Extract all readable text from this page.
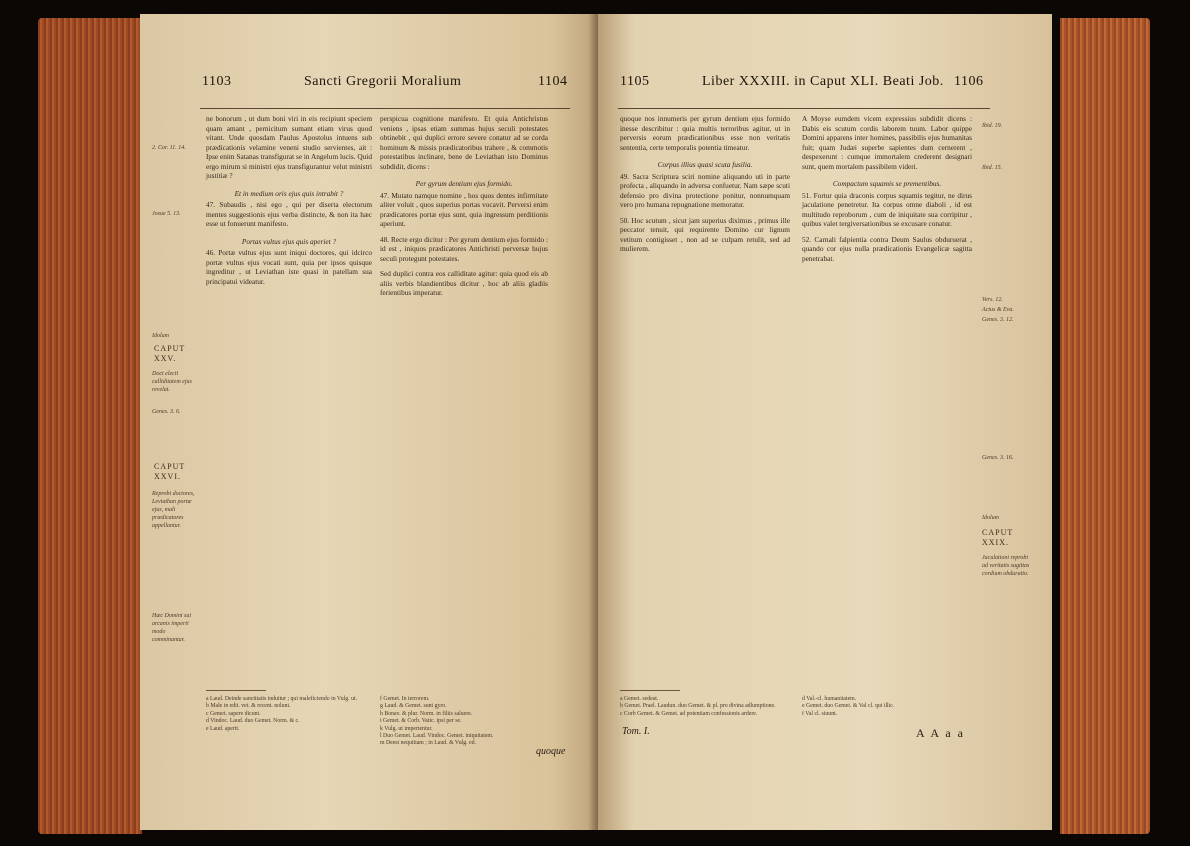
1103	Sancti Gregorii Moralium	1104

ne bonorum , ut dum boni viri in eis recipiunt speciem quam amant , pernicitum sumant etiam virus quod vitant. Unde quosdam Paulus Apostolus intuens sub prædicationis velamine veneni studio servientes, ait : Ipse enim Satanas transfigurat se in Angelum lucis. Quid ergo mirum si ministri ejus transfigurantur velut ministri justitiæ ?

Et in medium oris ejus quis intrabit ?

47. Subaudis , nisi ego , qui per diserta electorum mentes suggestionis ejus verba distincte, & non ita hæc esse ut fonuerunt manifesto.

Portas vultus ejus quis aperiet ?

46. Portæ vultus ejus sunt iniqui doctores, qui idcirco portæ vultus ejus vocati sunt, quia per ipsos quisque ingreditur , ut Leviathan iste quasi in patellam sua principatui videatur.

perspicua cognitione manifesto. Et quia Antichristus veniens , ipsas etiam summas hujus seculi potestates obtinebit , qui duplici errore severe conatur ad se corda hominum & missis prædicatoribus trahere , & commotis potestatibus inclinare, bene de Leviathan isto Dominus subdidit, dicens :

Per gyrum dentium ejus formido.

47. Mutato namque nomine , hos quos dentes infirmitate aliter voluit , quos superius portas vocavit. Perversi enim prædicatores portæ ejus sunt, quia ingressum perditionis aperiunt.

48. Recte ergo dicitur : Per gyrum dentium ejus formido : id est , iniquos prædicatores Antichristi perversæ hujus seculi protegunt potestates.

Sed duplici contra eos calliditate agitur: quia quod eis ab aliis verbis blandientibus dicitur , hoc ab aliis gladiis ferientibus imperatur.

2. Cor. 11. 14.
Josue 5. 13.
Idolum
CAPUT XXV.
Doct electi calliditatem ejus revelat.
Genes. 3. 6.
CAPUT XXVI.
Reprobi doctores, Leviathan portæ ejus, mali prædicatores appellantur.
Hæc Domini sui arcanis imperii modo comminantur.
a Laud. Deinde sanctitatis induitur ; qui maleficiendo in Vulg. ut.
b Male in edit. vet. & recent. nolunt.
c Gemet. sapere dicunt.
d Vindoc. Laud. duo Gemet. Norm. & c.
e Laud. aperit.
f Gemet. In terrorem.
g Laud. & Gemet. sunt gyro.
h Bonav. & plur. Norm. in filiis saluere.
i Gemet. & Corb. Vatic. ipsi per se.
k Vulg. ut impertentur.
l Duo Gemet. Laud. Vindoc. Gemet. iniquitatem.
m Deest nequitiam ; in Laud. & Vulg. ed.
quoque
1105	Liber XXXIII. in Caput XLI. Beati Job. 1106

quoque nos innumeris per gyrum dentium ejus formido inesse describitur : quia multis terroribus agitur, ut in perversis eorum prædicationibus esse non veritatis sententia, certe temporalis potentia timeatur.

Corpus illius quasi scuta fusilia.

49. Sacra Scriptura sciri nomine aliquando uti in parte profecta , aliquando in adversa confuetur. Nam sæpe scuti defensio pro divina protectione ponitur, nonnumquam vero pro humana repugnatione memoratur.

50. Hoc scutum , sicut jam superius diximus , primus ille peccator tenuit, qui requirente Domino cur lignum vetitum contigisset , non ad se culpam retulit, sed ad mulierem.

A Moyse eumdem vicem expressius subdidit dicens : Dabis eis scutum cordis laborem tuum. Labor quippe Domini apparens inter homines, passibilis ejus humanitas fuit; quam Judæi superbe sapientes dum cernerent , despexerunt : cumque immortalem crederent designari sunt, quem mortalem passibilem videri.

Compactum squamis se prementibus.

51. Fortur quia draconis corpus squamis tegitur, ne dirus jaculatione penetretur. Ita corpus omne diaboli , id est multitudo reproborum , cum de iniquitate sua corripitur , quibus valet tergiversationibus se excusare conatur.

52. Carnali falpientia contra Deum Saulus obduruerat , quando cor ejus nulla prædicationis Evangelicæ sagitta penetrabat.

Ibid. 19.
Ibid. 15.
Vers. 12.
Actus & Eva.
Genes. 3. 12.
Genes. 3. 16.
Idolum
CAPUT XXIX.
Jaculationi reprobi ad veritatis sagittas cordium obduratio.
a Gemet. sedeat.
b Gemet. Prael. Laudun. duo Gemet. & pl. pro divina adlumptione.
c Corb Gemet. & Gemet. ad potentiam confessionis ardere.
d Val.-cl. humanitatem.
e Gemet. duo Gemet. & Val cl. qui illic.
f Val cl. siuunt.
Tom. I.	A A a a
